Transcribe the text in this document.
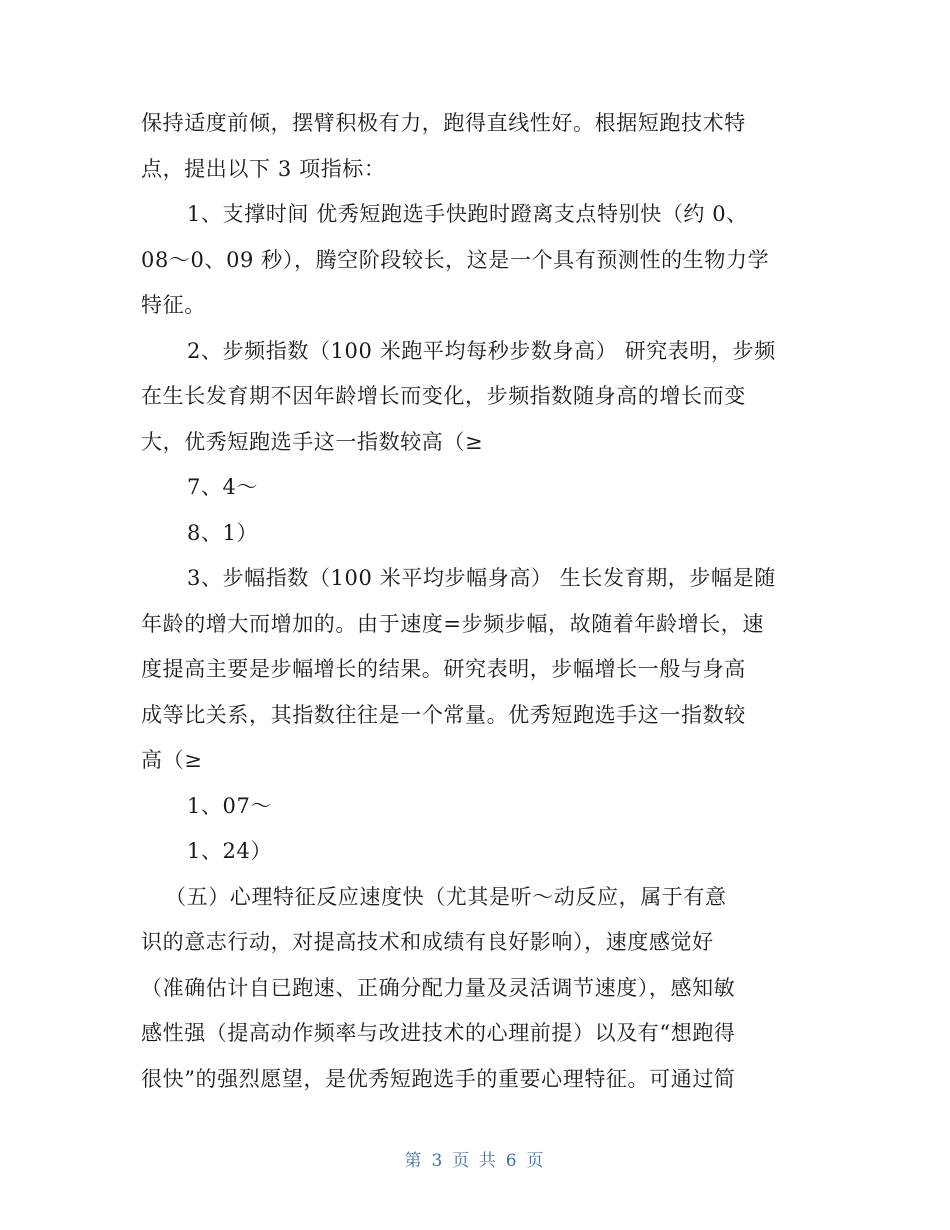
保持适度前倾，摆臂积极有力，跑得直线性好。根据短跑技术特
点，提出以下 3 项指标：
1、支撑时间 优秀短跑选手快跑时蹬离支点特别快（约 0、
08～0、09 秒），腾空阶段较长，这是一个具有预测性的生物力学
特征。
2、步频指数（100 米跑平均每秒步数身高） 研究表明，步频
在生长发育期不因年龄增长而变化，步频指数随身高的增长而变
大，优秀短跑选手这一指数较高（≥
7、4～
8、1）
3、步幅指数（100 米平均步幅身高） 生长发育期，步幅是随
年龄的增大而增加的。由于速度=步频步幅，故随着年龄增长，速
度提高主要是步幅增长的结果。研究表明，步幅增长一般与身高
成等比关系，其指数往往是一个常量。优秀短跑选手这一指数较
高（≥
1、07～
1、24）
（五）心理特征反应速度快（尤其是听～动反应，属于有意
识的意志行动，对提高技术和成绩有良好影响），速度感觉好
（准确估计自已跑速、正确分配力量及灵活调节速度），感知敏
感性强（提高动作频率与改进技术的心理前提）以及有“想跑得
很快”的强烈愿望，是优秀短跑选手的重要心理特征。可通过简
第 3 页 共 6 页
